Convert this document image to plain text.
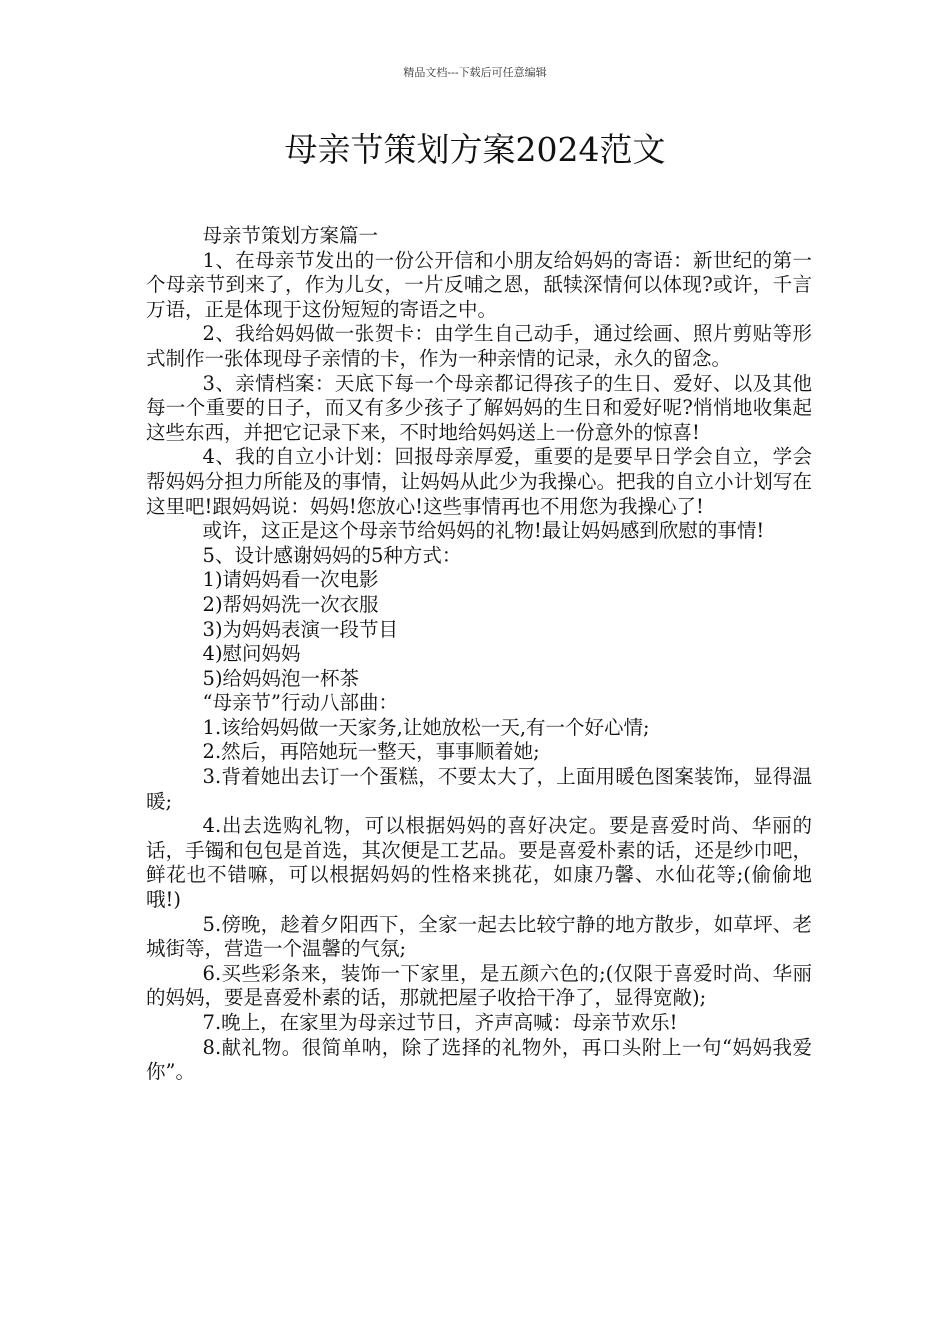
精品文档---下载后可任意编辑
母亲节策划方案2024范文

母亲节策划方案篇一

1、在母亲节发出的一份公开信和小朋友给妈妈的寄语：新世纪的第一个母亲节到来了，作为儿女，一片反哺之恩，舐犊深情何以体现?或许，千言万语，正是体现于这份短短的寄语之中。

2、我给妈妈做一张贺卡：由学生自己动手，通过绘画、照片剪贴等形式制作一张体现母子亲情的卡，作为一种亲情的记录，永久的留念。

3、亲情档案：天底下每一个母亲都记得孩子的生日、爱好、以及其他每一个重要的日子，而又有多少孩子了解妈妈的生日和爱好呢?悄悄地收集起这些东西，并把它记录下来，不时地给妈妈送上一份意外的惊喜!

4、我的自立小计划：回报母亲厚爱，重要的是要早日学会自立，学会帮妈妈分担力所能及的事情，让妈妈从此少为我操心。把我的自立小计划写在这里吧!跟妈妈说：妈妈!您放心!这些事情再也不用您为我操心了!

或许，这正是这个母亲节给妈妈的礼物!最让妈妈感到欣慰的事情!

5、设计感谢妈妈的5种方式：

1)请妈妈看一次电影

2)帮妈妈洗一次衣服

3)为妈妈表演一段节目

4)慰问妈妈

5)给妈妈泡一杯茶

“母亲节”行动八部曲：

1.该给妈妈做一天家务,让她放松一天,有一个好心情;

2.然后，再陪她玩一整天，事事顺着她;

3.背着她出去订一个蛋糕，不要太大了，上面用暖色图案装饰，显得温暖;

4.出去选购礼物，可以根据妈妈的喜好决定。要是喜爱时尚、华丽的话，手镯和包包是首选，其次便是工艺品。要是喜爱朴素的话，还是纱巾吧，鲜花也不错嘛，可以根据妈妈的性格来挑花，如康乃馨、水仙花等;(偷偷地哦!)

5.傍晚，趁着夕阳西下，全家一起去比较宁静的地方散步，如草坪、老城街等，营造一个温馨的气氛;

6.买些彩条来，装饰一下家里，是五颜六色的;(仅限于喜爱时尚、华丽的妈妈，要是喜爱朴素的话，那就把屋子收拾干净了，显得宽敞);

7.晚上，在家里为母亲过节日，齐声高喊：母亲节欢乐!

8.献礼物。很简单呐，除了选择的礼物外，再口头附上一句“妈妈我爱你”。
